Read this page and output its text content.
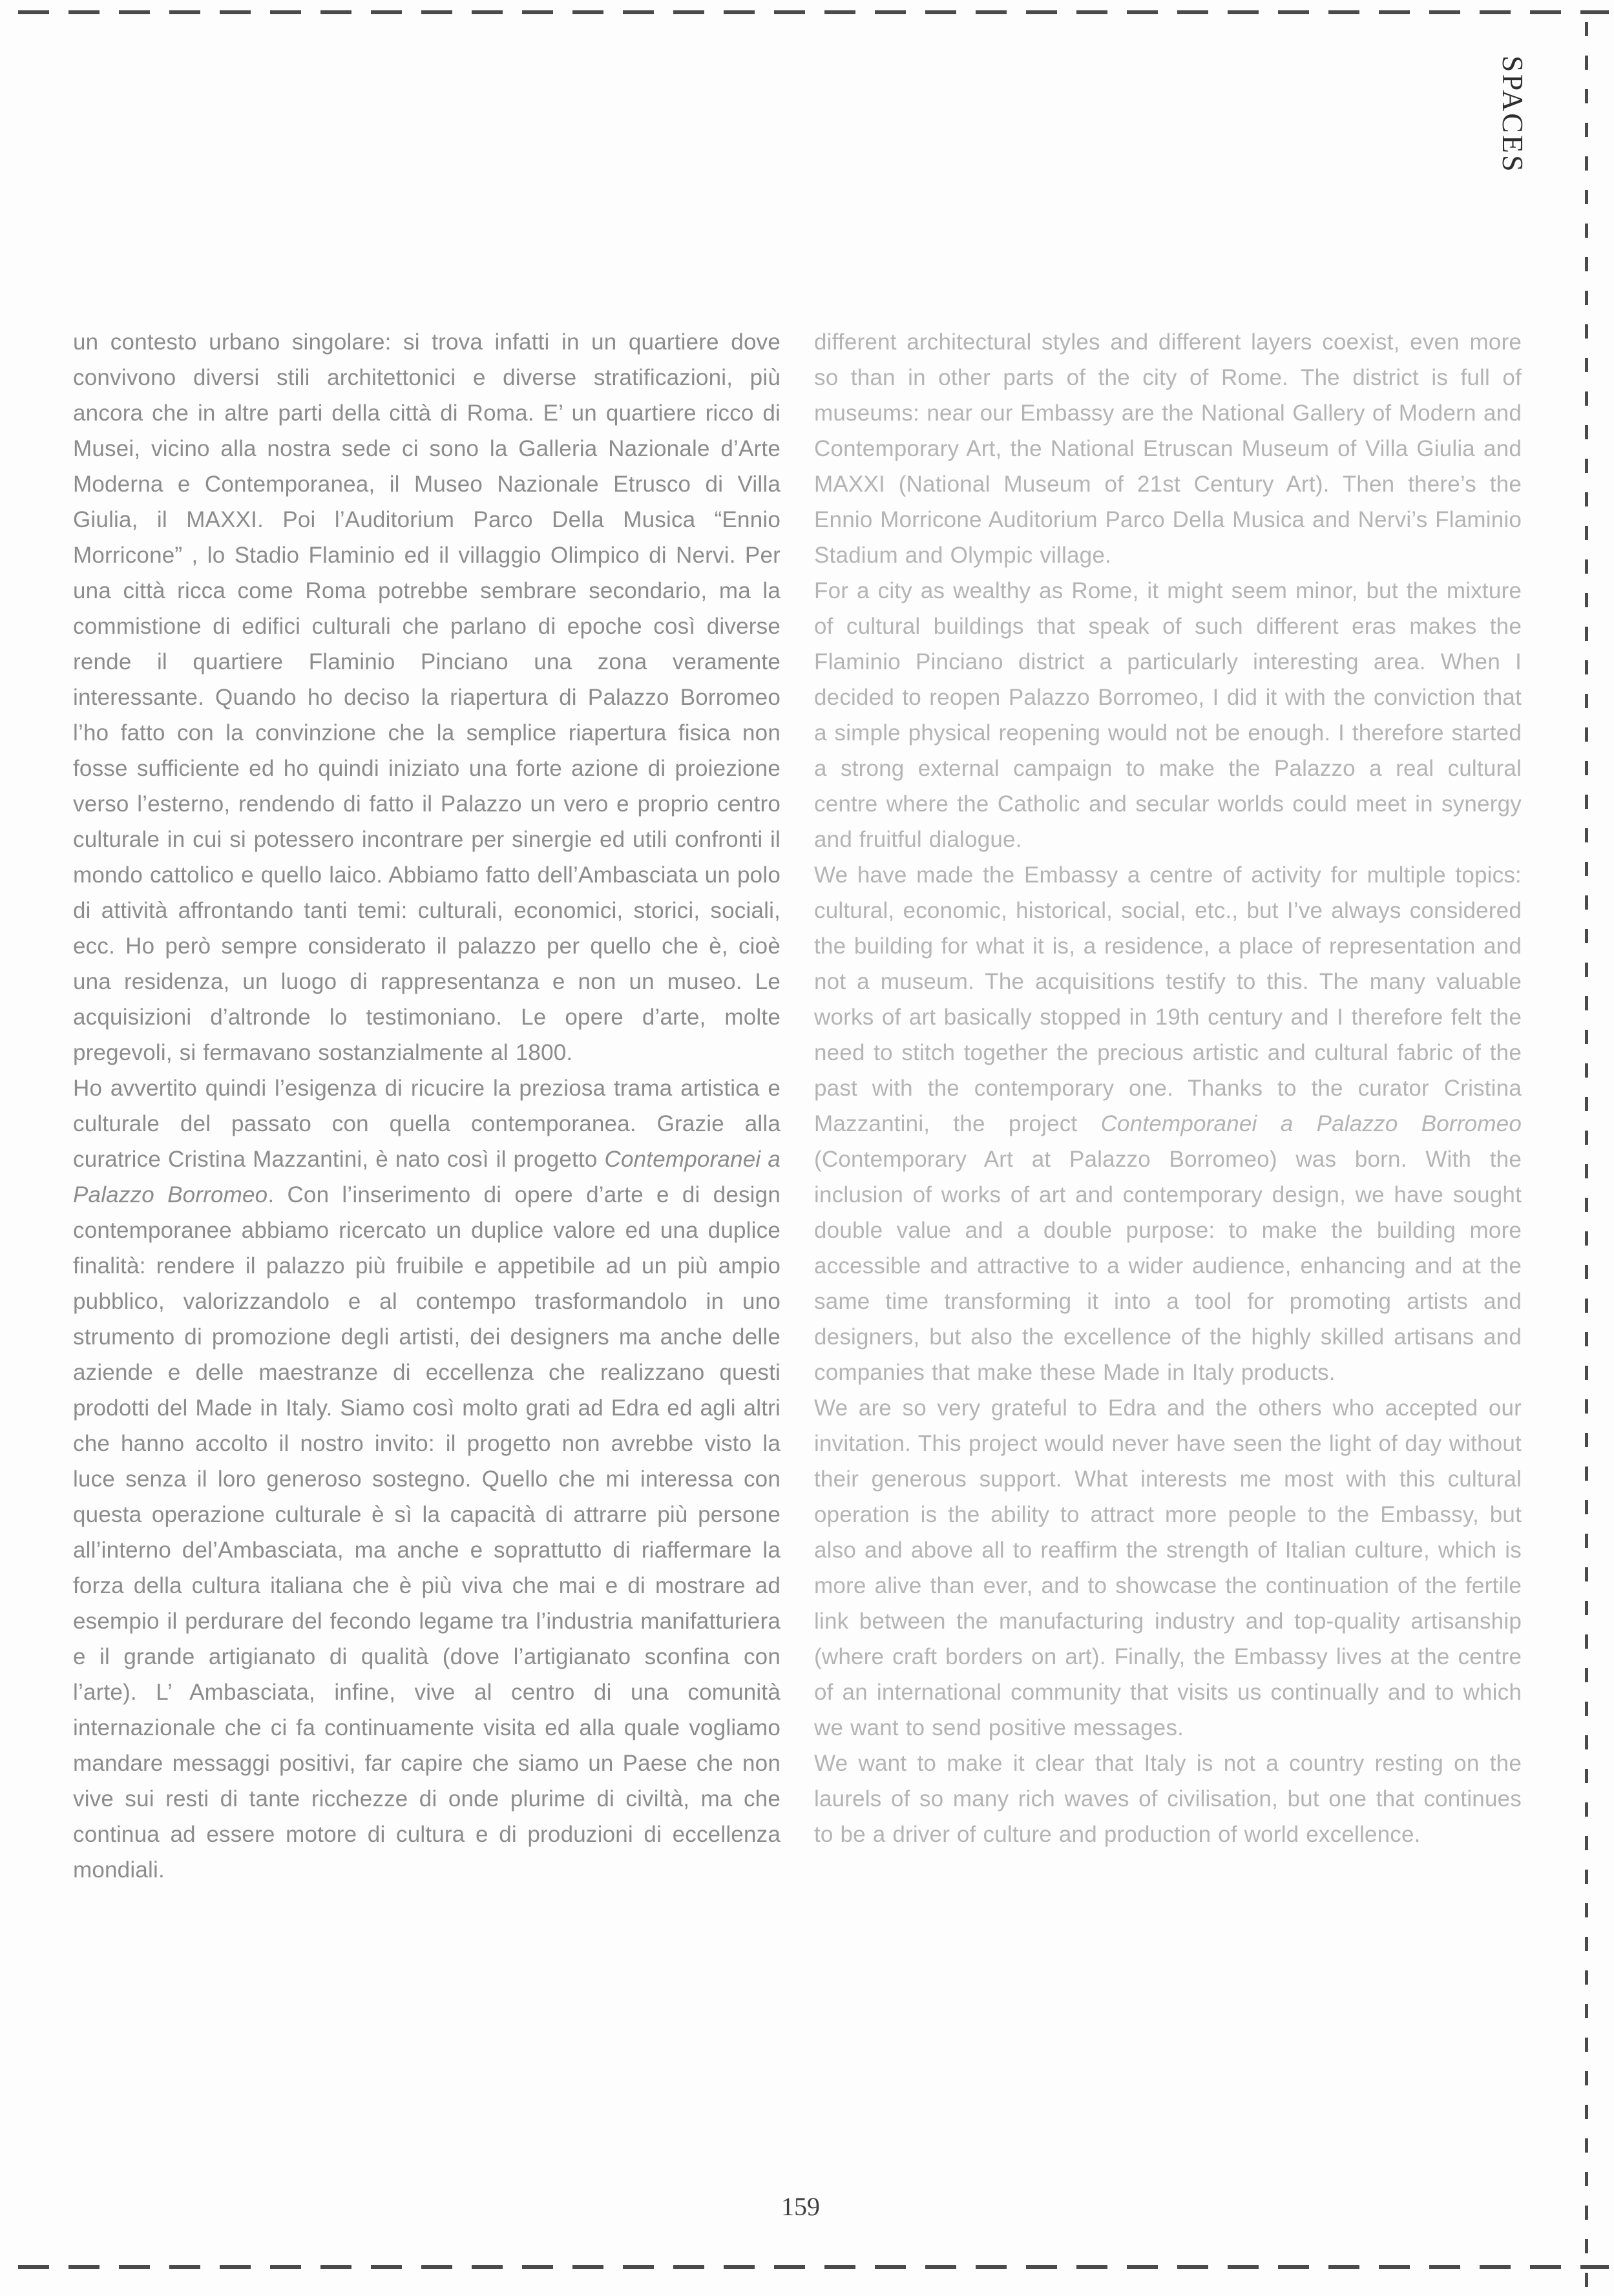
SPACES

un contesto urbano singolare: si trova infatti in un quartiere dove convivono diversi stili architettonici e diverse stratificazioni, più ancora che in altre parti della città di Roma. E’ un quartiere ricco di Musei, vicino alla nostra sede ci sono la Galleria Nazionale d’Arte Moderna e Contemporanea, il Museo Nazionale Etrusco di Villa Giulia, il MAXXI. Poi l’Auditorium Parco Della Musica “Ennio Morricone” , lo Stadio Flaminio ed il villaggio Olimpico di Nervi. Per una città ricca come Roma potrebbe sembrare secondario, ma la commistione di edifici culturali che parlano di epoche così diverse rende il quartiere Flaminio Pinciano una zona veramente interessante. Quando ho deciso la riapertura di Palazzo Borromeo l’ho fatto con la convinzione che la semplice riapertura fisica non fosse sufficiente ed ho quindi iniziato una forte azione di proiezione verso l’esterno, rendendo di fatto il Palazzo un vero e proprio centro culturale in cui si potessero incontrare per sinergie ed utili confronti il mondo cattolico e quello laico. Abbiamo fatto dell’Ambasciata un polo di attività affrontando tanti temi: culturali, economici, storici, sociali, ecc. Ho però sempre considerato il palazzo per quello che è, cioè una residenza, un luogo di rappresentanza e non un museo. Le acquisizioni d’altronde lo testimoniano. Le opere d’arte, molte pregevoli, si fermavano sostanzialmente al 1800.

Ho avvertito quindi l’esigenza di ricucire la preziosa trama artistica e culturale del passato con quella contemporanea. Grazie alla curatrice Cristina Mazzantini, è nato così il progetto Contemporanei a Palazzo Borromeo. Con l’inserimento di opere d’arte e di design contemporanee abbiamo ricercato un duplice valore ed una duplice finalità: rendere il palazzo più fruibile e appetibile ad un più ampio pubblico, valorizzandolo e al contempo trasformandolo in uno strumento di promozione degli artisti, dei designers ma anche delle aziende e delle maestranze di eccellenza che realizzano questi prodotti del Made in Italy. Siamo così molto grati ad Edra ed agli altri che hanno accolto il nostro invito: il progetto non avrebbe visto la luce senza il loro generoso sostegno. Quello che mi interessa con questa operazione culturale è sì la capacità di attrarre più persone all’interno del’Ambasciata, ma anche e soprattutto di riaffermare la forza della cultura italiana che è più viva che mai e di mostrare ad esempio il perdurare del fecondo legame tra l’industria manifatturiera e il grande artigianato di qualità (dove l’artigianato sconfina con l’arte). L’ Ambasciata, infine, vive al centro di una comunità internazionale che ci fa continuamente visita ed alla quale vogliamo mandare messaggi positivi, far capire che siamo un Paese che non vive sui resti di tante ricchezze di onde plurime di civiltà, ma che continua ad essere motore di cultura e di produzioni di eccellenza mondiali.

different architectural styles and different layers coexist, even more so than in other parts of the city of Rome. The district is full of museums: near our Embassy are the National Gallery of Modern and Contemporary Art, the National Etruscan Museum of Villa Giulia and MAXXI (National Museum of 21st Century Art). Then there’s the Ennio Morricone Auditorium Parco Della Musica and Nervi’s Flaminio Stadium and Olympic village.

For a city as wealthy as Rome, it might seem minor, but the mixture of cultural buildings that speak of such different eras makes the Flaminio Pinciano district a particularly interesting area. When I decided to reopen Palazzo Borromeo, I did it with the conviction that a simple physical reopening would not be enough. I therefore started a strong external campaign to make the Palazzo a real cultural centre where the Catholic and secular worlds could meet in synergy and fruitful dialogue.

We have made the Embassy a centre of activity for multiple topics: cultural, economic, historical, social, etc., but I’ve always considered the building for what it is, a residence, a place of representation and not a museum. The acquisitions testify to this. The many valuable works of art basically stopped in 19th century and I therefore felt the need to stitch together the precious artistic and cultural fabric of the past with the contemporary one. Thanks to the curator Cristina Mazzantini, the project Contemporanei a Palazzo Borromeo (Contemporary Art at Palazzo Borromeo) was born. With the inclusion of works of art and contemporary design, we have sought double value and a double purpose: to make the building more accessible and attractive to a wider audience, enhancing and at the same time transforming it into a tool for promoting artists and designers, but also the excellence of the highly skilled artisans and companies that make these Made in Italy products.

We are so very grateful to Edra and the others who accepted our invitation. This project would never have seen the light of day without their generous support. What interests me most with this cultural operation is the ability to attract more people to the Embassy, but also and above all to reaffirm the strength of Italian culture, which is more alive than ever, and to showcase the continuation of the fertile link between the manufacturing industry and top-quality artisanship (where craft borders on art). Finally, the Embassy lives at the centre of an international community that visits us continually and to which we want to send positive messages.

We want to make it clear that Italy is not a country resting on the laurels of so many rich waves of civilisation, but one that continues to be a driver of culture and production of world excellence.

159
